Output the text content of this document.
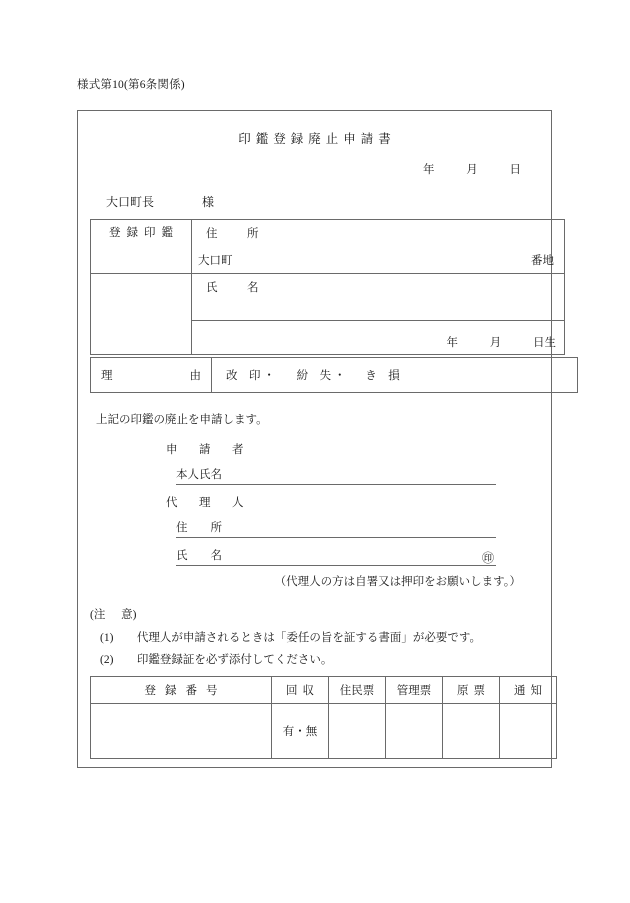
様式第10(第6条関係)
印鑑登録廃止申請書
年	月	日
大口町長	様
登録印鑑	住　所
大口町 番地

	氏　名

	年 月 日生
理	由	改　印 ・ 紛　失 ・ き　損
上記の印鑑の廃止を申請します。
申　請　者
本人氏名
代　理　人
住　　所
氏　　名	㊞
（代理人の方は自署又は押印をお願いします。）
(注 意)
(1) 代理人が申請されるときは「委任の旨を証する書面」が必要です。
(2) 印鑑登録証を必ず添付してください。
登録番号	回収	住民票	管理票	原票	通知
	有・無				
